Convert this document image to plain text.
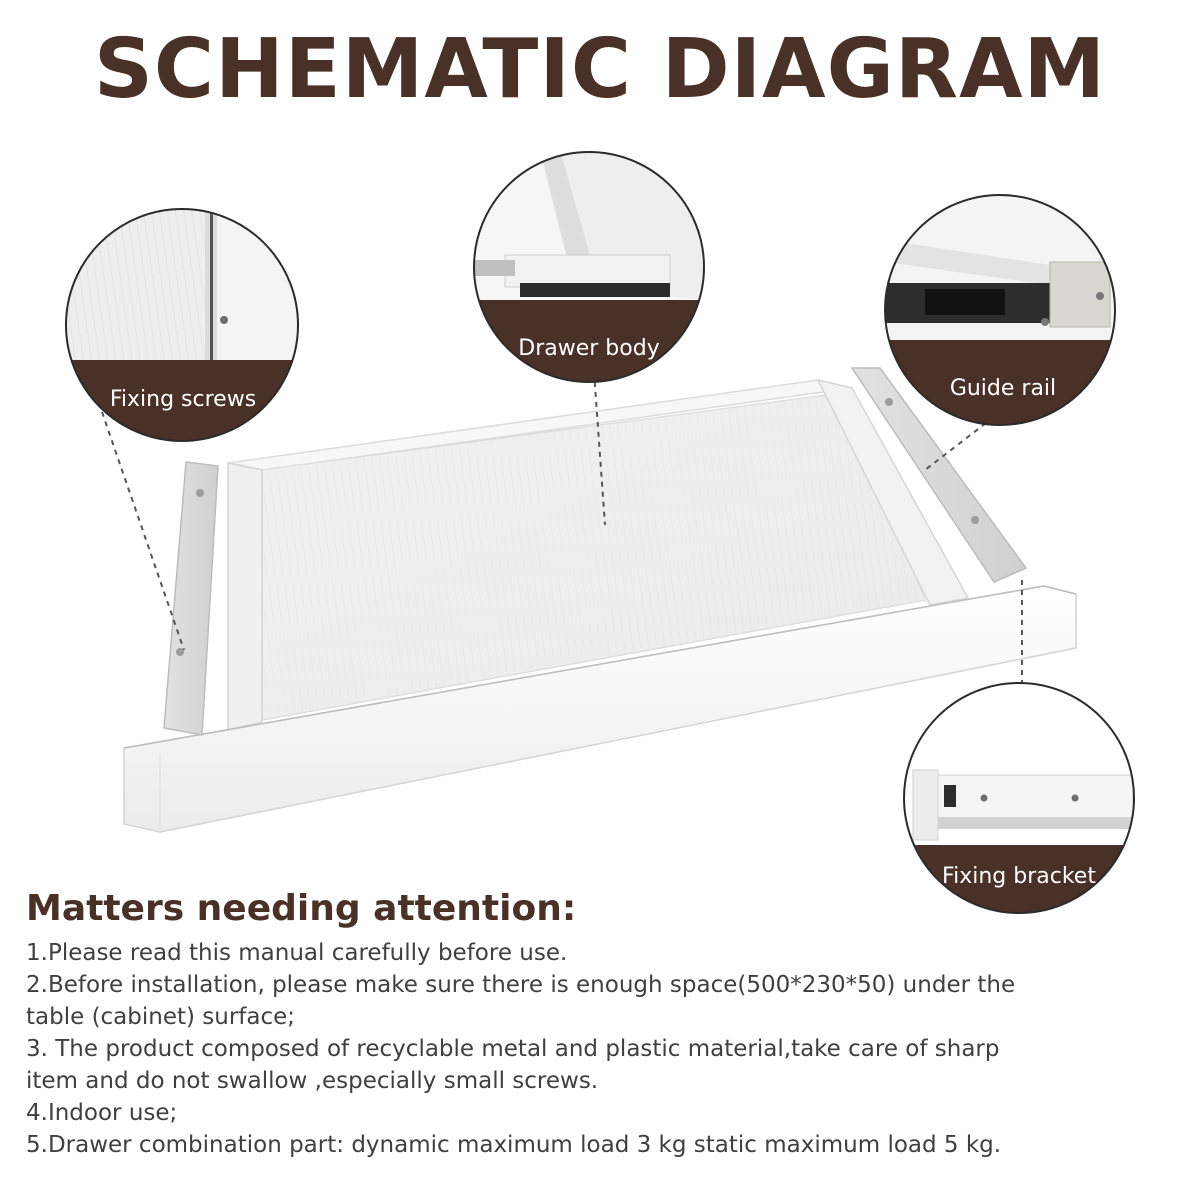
SCHEMATIC DIAGRAM
Fixing screws
Drawer body
Guide rail
Fixing bracket
Matters needing attention:
1.Please read this manual carefully before use.
2.Before installation, please make sure there is enough space(500*230*50) under the
table (cabinet) surface;
3. The product composed of recyclable metal and plastic material,take care of sharp
item and do not swallow ,especially small screws.
4.Indoor use;
5.Drawer combination part: dynamic maximum load 3 kg static maximum load 5 kg.
